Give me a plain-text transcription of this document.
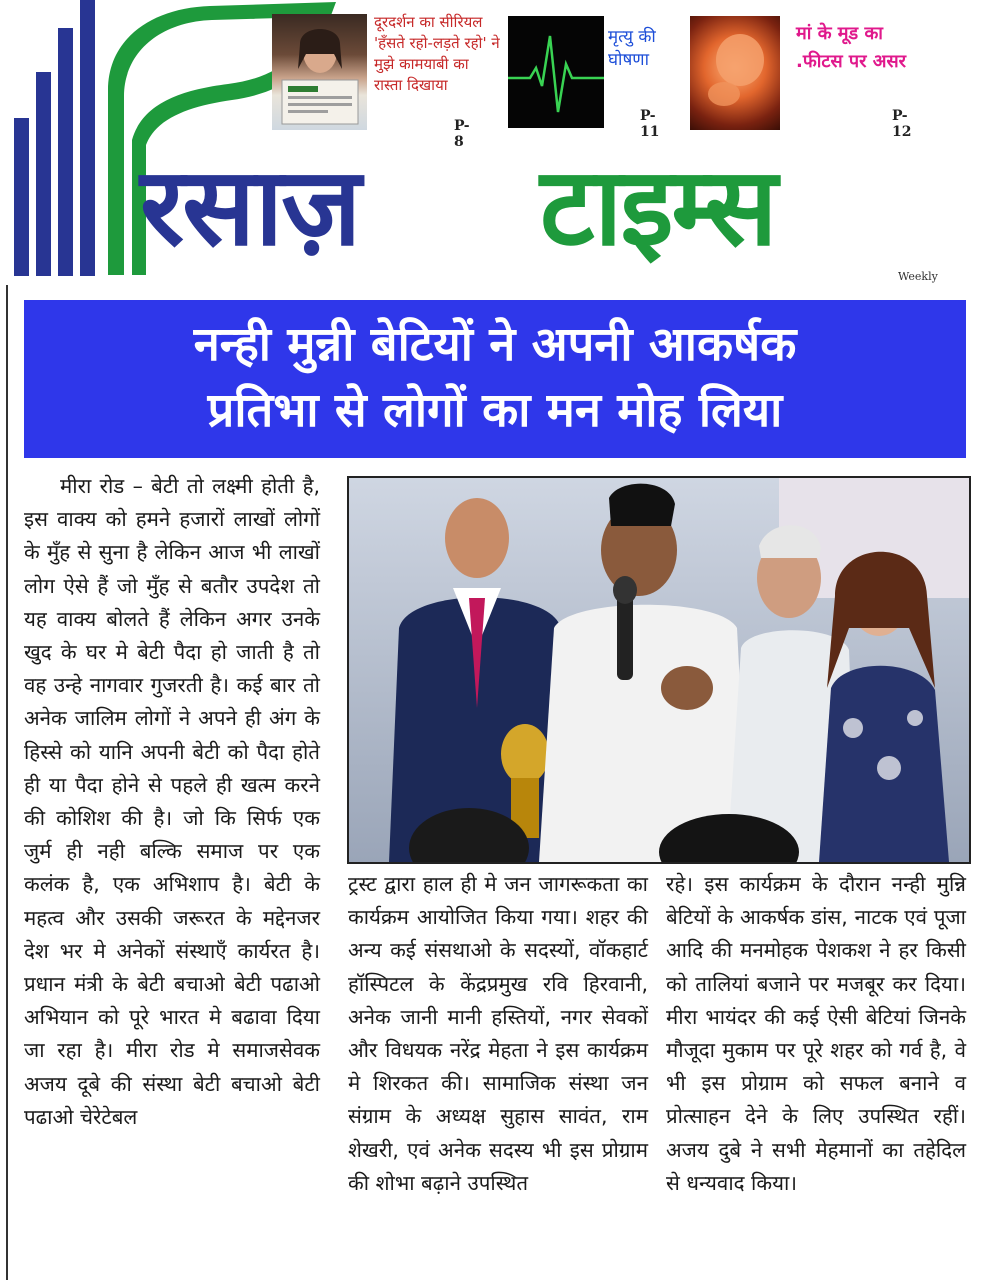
दूरदर्शन का सीरियल 'हँसते रहो-लड़ते रहो' ने मुझे कामयाबी का रास्ता दिखाया
P-8
मृत्यु की घोषणा
P-11
मां के मूड का .फीटस पर असर
P-12
रसाज़ टाइम्स
Weekly
नन्ही मुन्नी बेटियों ने अपनी आकर्षक
प्रतिभा से लोगों का मन मोह लिया

मीरा रोड – बेटी तो लक्ष्मी होती है, इस वाक्य को हमने हजारों लाखों लोगों के मुँह से सुना है लेकिन आज भी लाखों लोग ऐसे हैं जो मुँह से बतौर उपदेश तो यह वाक्य बोलते हैं लेकिन अगर उनके खुद के घर मे बेटी पैदा हो जाती है तो वह उन्हे नागवार गुजरती है। कई बार तो अनेक जालिम लोगों ने अपने ही अंग के हिस्से को यानि अपनी बेटी को पैदा होते ही या पैदा होने से पहले ही खत्म करने की कोशिश की है। जो कि सिर्फ एक जुर्म ही नही बल्कि समाज पर एक कलंक है, एक अभिशाप है। बेटी के महत्व और उसकी जरूरत के मद्देनजर देश भर मे अनेकों संस्थाएँ कार्यरत है। प्रधान मंत्री के बेटी बचाओ बेटी पढाओ अभियान को पूरे भारत मे बढावा दिया जा रहा है। मीरा रोड मे समाजसेवक अजय दूबे की संस्था बेटी बचाओ बेटी पढाओ चेरेटेबल

ट्रस्ट द्वारा हाल ही मे जन जागरूकता का कार्यक्रम आयोजित किया गया। शहर की अन्य कई संसथाओ के सदस्यों, वॉकहार्ट हॉस्पिटल के केंद्रप्रमुख रवि हिरवानी, अनेक जानी मानी हस्तियों, नगर सेवकों और विधयक नरेंद्र मेहता ने इस कार्यक्रम मे शिरकत की। सामाजिक संस्था जन संग्राम के अध्यक्ष सुहास सावंत, राम शेखरी, एवं अनेक सदस्य भी इस प्रोग्राम की शोभा बढ़ाने उपस्थित

रहे। इस कार्यक्रम के दौरान नन्ही मुन्नि बेटियों के आकर्षक डांस, नाटक एवं पूजा आदि की मनमोहक पेशकश ने हर किसी को तालियां बजाने पर मजबूर कर दिया। मीरा भायंदर की कई ऐसी बेटियां जिनके मौजूदा मुकाम पर पूरे शहर को गर्व है, वे भी इस प्रोग्राम को सफल बनाने व प्रोत्साहन देने के लिए उपस्थित रहीं। अजय दुबे ने सभी मेहमानों का तहेदिल से धन्यवाद किया।
